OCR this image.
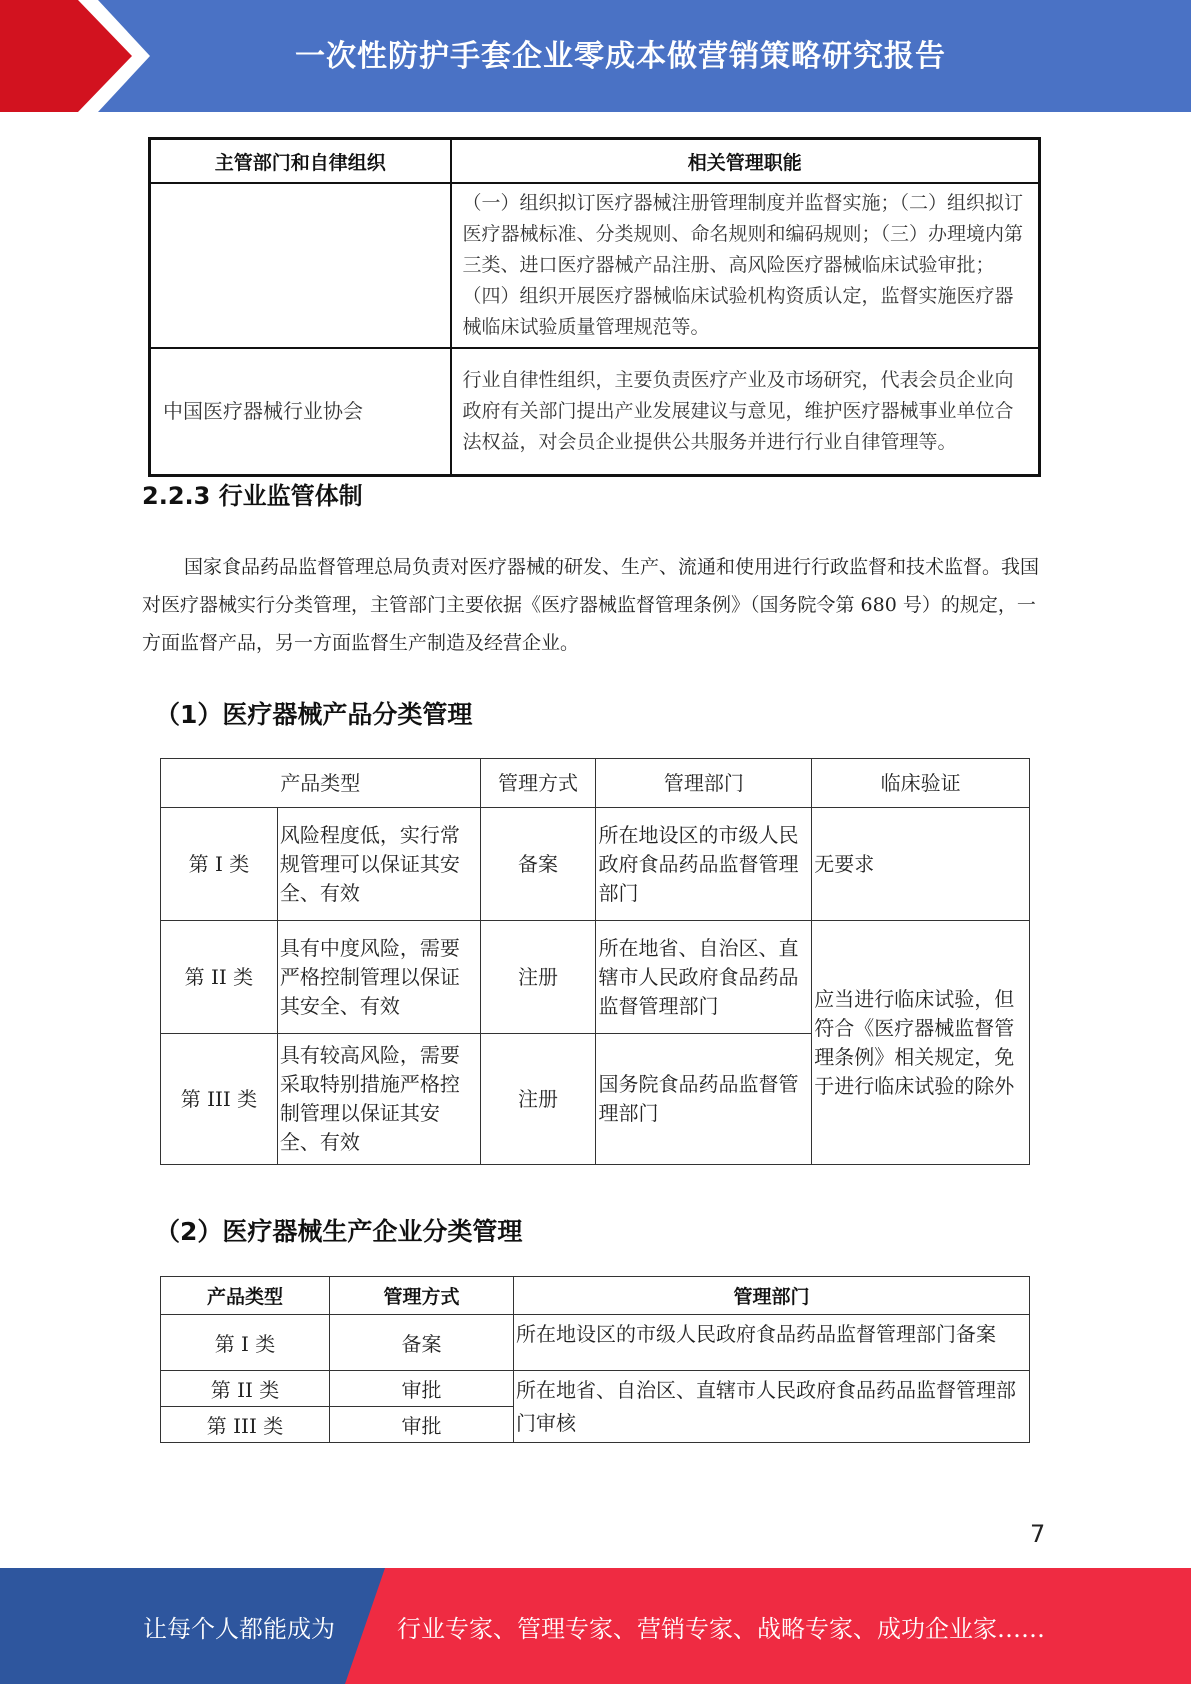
一次性防护手套企业零成本做营销策略研究报告
主管部门和自律组织	相关管理职能
	（一）组织拟订医疗器械注册管理制度并监督实施；（二）组织拟订医疗器械标准、分类规则、命名规则和编码规则；（三）办理境内第三类、进口医疗器械产品注册、高风险医疗器械临床试验审批；（四）组织开展医疗器械临床试验机构资质认定，监督实施医疗器械临床试验质量管理规范等。
中国医疗器械行业协会	行业自律性组织，主要负责医疗产业及市场研究，代表会员企业向政府有关部门提出产业发展建议与意见，维护医疗器械事业单位合法权益，对会员企业提供公共服务并进行行业自律管理等。
2.2.3 行业监管体制
国家食品药品监督管理总局负责对医疗器械的研发、生产、流通和使用进行行政监督和技术监督。我国对医疗器械实行分类管理，主管部门主要依据《医疗器械监督管理条例》（国务院令第 680 号）的规定，一方面监督产品，另一方面监督生产制造及经营企业。
（1）医疗器械产品分类管理
产品类型		管理方式	管理部门	临床验证
第 I 类	风险程度低，实行常规管理可以保证其安全、有效	备案	所在地设区的市级人民政府食品药品监督管理部门	无要求
第 II 类	具有中度风险，需要严格控制管理以保证其安全、有效	注册	所在地省、自治区、直辖市人民政府食品药品监督管理部门	应当进行临床试验，但符合《医疗器械监督管理条例》相关规定，免于进行临床试验的除外
第 III 类	具有较高风险，需要采取特别措施严格控制管理以保证其安全、有效	注册	国务院食品药品监督管理部门	
（2）医疗器械生产企业分类管理
产品类型	管理方式	管理部门
第 I 类	备案	所在地设区的市级人民政府食品药品监督管理部门备案
第 II 类	审批	所在地省、自治区、直辖市人民政府食品药品监督管理部门审核
第 III 类	审批	
7
让每个人都能成为	行业专家、管理专家、营销专家、战略专家、成功企业家……
